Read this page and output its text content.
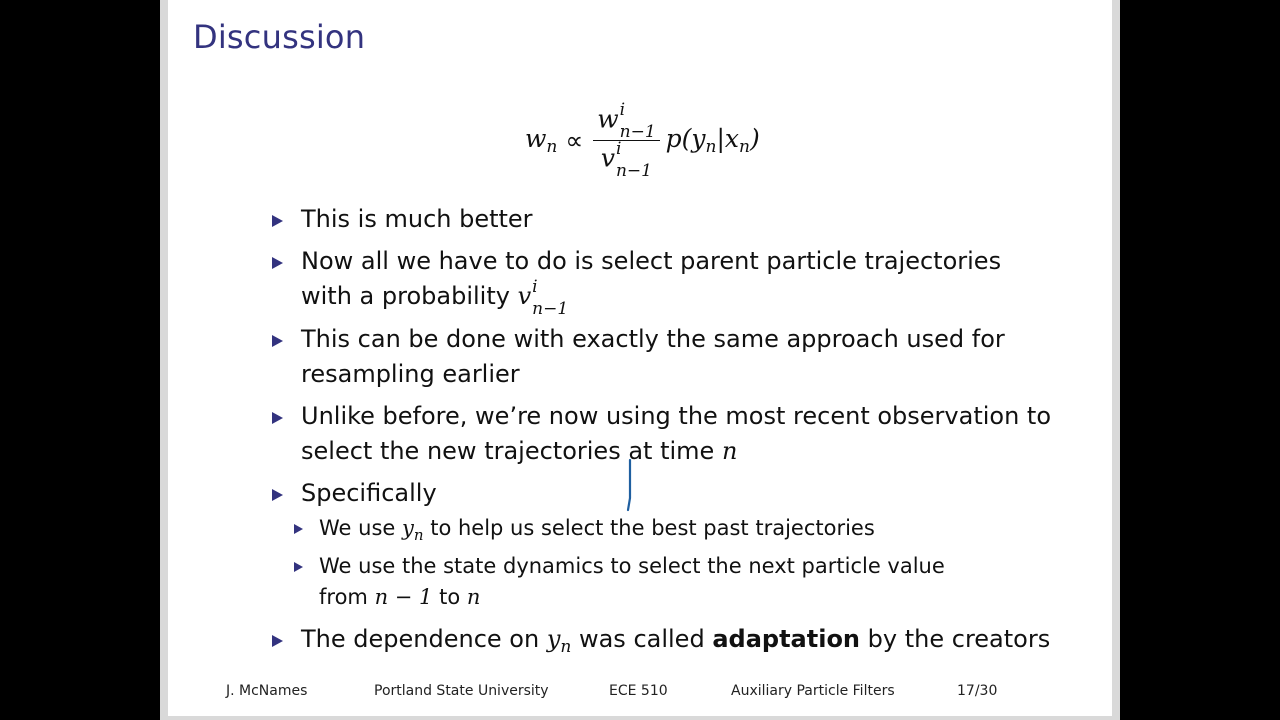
Discussion
$w_n \propto w$ i
n−1
v i
n−1 $p(y_n|x_n)$
This is much better
Now all we have to do is select parent particle trajectories
with a probability v i
n−1
This can be done with exactly the same approach used for
resampling earlier
Unlike before, we’re now using the most recent observation to
select the new trajectories at time n
Specifically
We use $y_n$ to help us select the best past trajectories
We use the state dynamics to select the next particle value
from n − 1 to n
The dependence on $y_n$ was called adaptation by the creators
J. McNames	Portland State University	ECE 510	Auxiliary Particle Filters	17/30
